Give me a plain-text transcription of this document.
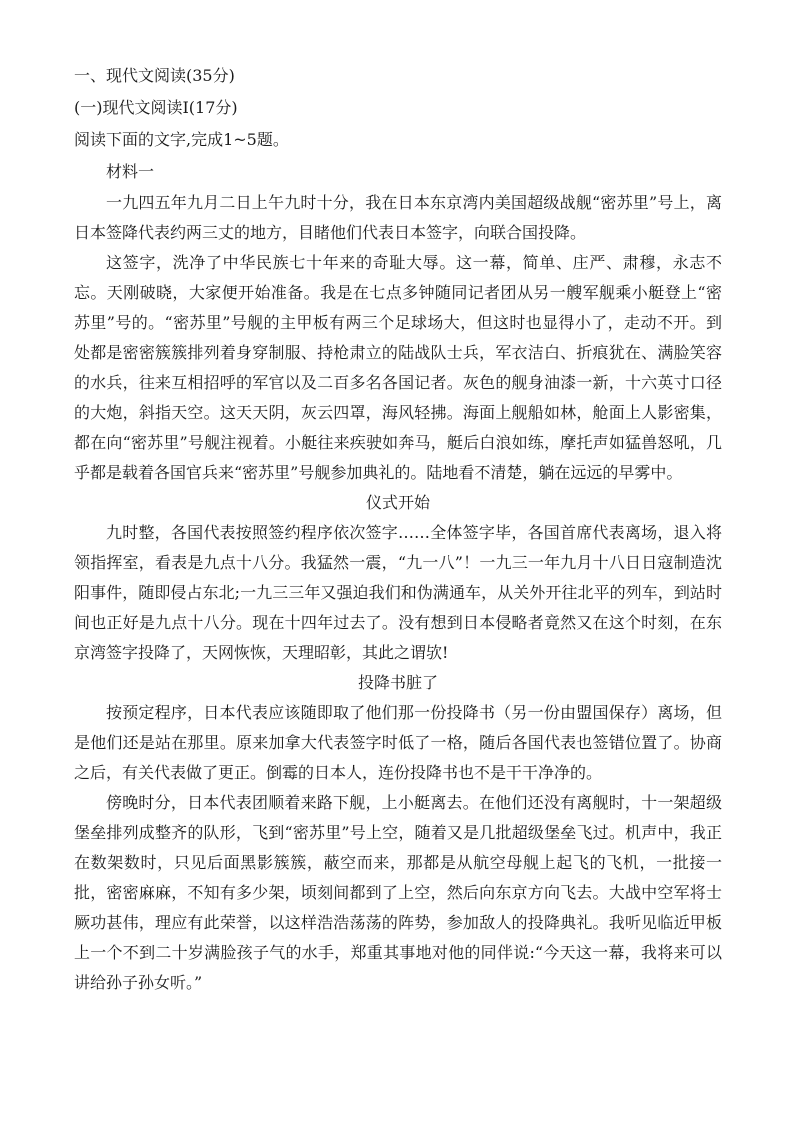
一、现代文阅读(35分)
(一)现代文阅读Ⅰ(17分)
阅读下面的文字,完成1~5题。
材料一

一九四五年九月二日上午九时十分，我在日本东京湾内美国超级战舰“密苏里”号上，离日本签降代表约两三丈的地方，目睹他们代表日本签字，向联合国投降。

这签字，洗净了中华民族七十年来的奇耻大辱。这一幕，简单、庄严、肃穆，永志不忘。天刚破晓，大家便开始准备。我是在七点多钟随同记者团从另一艘军舰乘小艇登上“密苏里”号的。“密苏里”号舰的主甲板有两三个足球场大，但这时也显得小了，走动不开。到处都是密密簇簇排列着身穿制服、持枪肃立的陆战队士兵，军衣洁白、折痕犹在、满脸笑容的水兵，往来互相招呼的军官以及二百多名各国记者。灰色的舰身油漆一新，十六英寸口径的大炮，斜指天空。这天天阴，灰云四罩，海风轻拂。海面上舰船如林，舱面上人影密集，都在向“密苏里”号舰注视着。小艇往来疾驶如奔马，艇后白浪如练，摩托声如猛兽怒吼，几乎都是载着各国官兵来“密苏里”号舰参加典礼的。陆地看不清楚，躺在远远的早雾中。

仪式开始

九时整，各国代表按照签约程序依次签字……全体签字毕，各国首席代表离场，退入将领指挥室，看表是九点十八分。我猛然一震，“九一八”！一九三一年九月十八日日寇制造沈阳事件，随即侵占东北;一九三三年又强迫我们和伪满通车，从关外开往北平的列车，到站时间也正好是九点十八分。现在十四年过去了。没有想到日本侵略者竟然又在这个时刻，在东京湾签字投降了，天网恢恢，天理昭彰，其此之谓欤!

投降书脏了

按预定程序，日本代表应该随即取了他们那一份投降书（另一份由盟国保存）离场，但是他们还是站在那里。原来加拿大代表签字时低了一格，随后各国代表也签错位置了。协商之后，有关代表做了更正。倒霉的日本人，连份投降书也不是干干净净的。

傍晚时分，日本代表团顺着来路下舰，上小艇离去。在他们还没有离舰时，十一架超级堡垒排列成整齐的队形，飞到“密苏里”号上空，随着又是几批超级堡垒飞过。机声中，我正在数架数时，只见后面黑影簇簇，蔽空而来，那都是从航空母舰上起飞的飞机，一批接一批，密密麻麻，不知有多少架，顷刻间都到了上空，然后向东京方向飞去。大战中空军将士厥功甚伟，理应有此荣誉，以这样浩浩荡荡的阵势，参加敌人的投降典礼。我听见临近甲板上一个不到二十岁满脸孩子气的水手，郑重其事地对他的同伴说:“今天这一幕，我将来可以讲给孙子孙女听。”
